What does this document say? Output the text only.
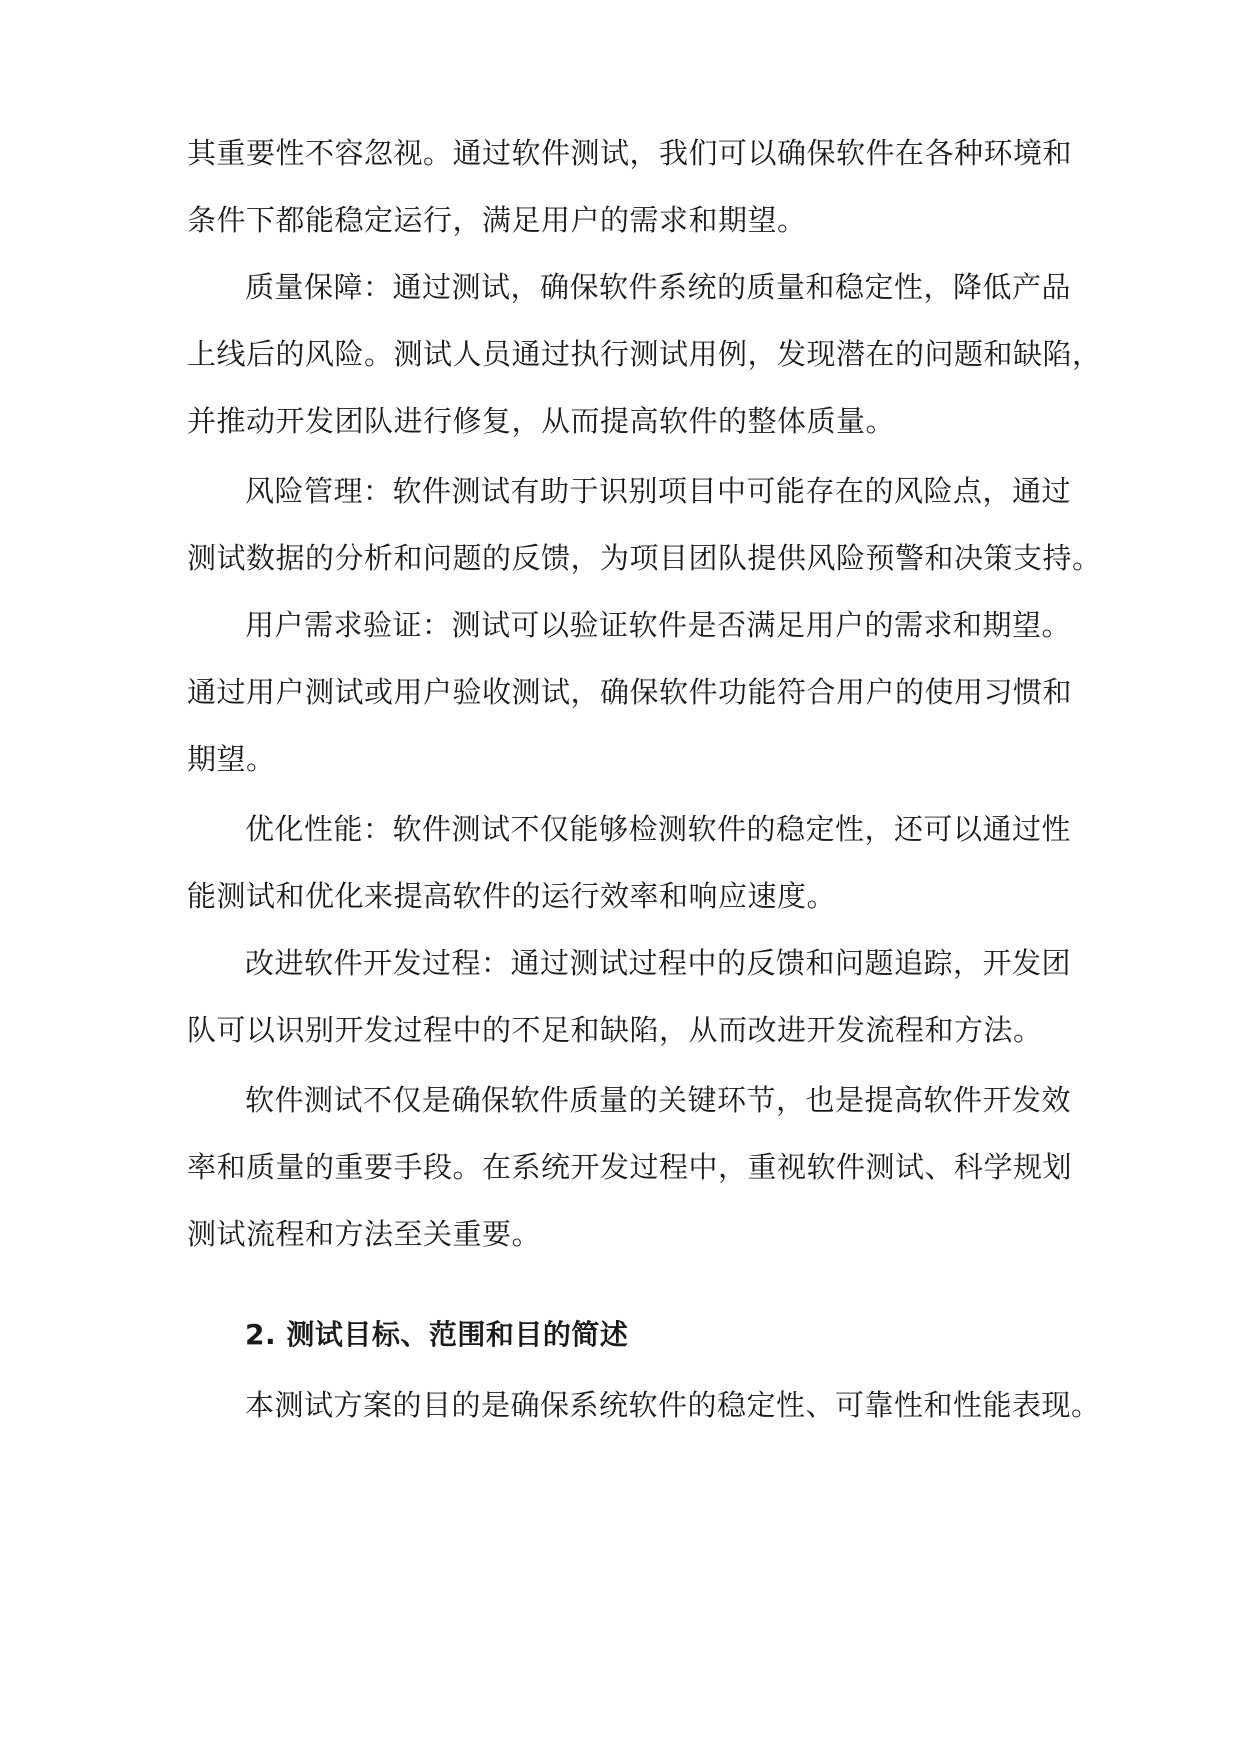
其重要性不容忽视。通过软件测试，我们可以确保软件在各种环境和
条件下都能稳定运行，满足用户的需求和期望。
质量保障：通过测试，确保软件系统的质量和稳定性，降低产品
上线后的风险。测试人员通过执行测试用例，发现潜在的问题和缺陷，
并推动开发团队进行修复，从而提高软件的整体质量。
风险管理：软件测试有助于识别项目中可能存在的风险点，通过
测试数据的分析和问题的反馈，为项目团队提供风险预警和决策支持。
用户需求验证：测试可以验证软件是否满足用户的需求和期望。
通过用户测试或用户验收测试，确保软件功能符合用户的使用习惯和
期望。
优化性能：软件测试不仅能够检测软件的稳定性，还可以通过性
能测试和优化来提高软件的运行效率和响应速度。
改进软件开发过程：通过测试过程中的反馈和问题追踪，开发团
队可以识别开发过程中的不足和缺陷，从而改进开发流程和方法。
软件测试不仅是确保软件质量的关键环节，也是提高软件开发效
率和质量的重要手段。在系统开发过程中，重视软件测试、科学规划
测试流程和方法至关重要。
2. 测试目标、范围和目的简述
本测试方案的目的是确保系统软件的稳定性、可靠性和性能表现。
